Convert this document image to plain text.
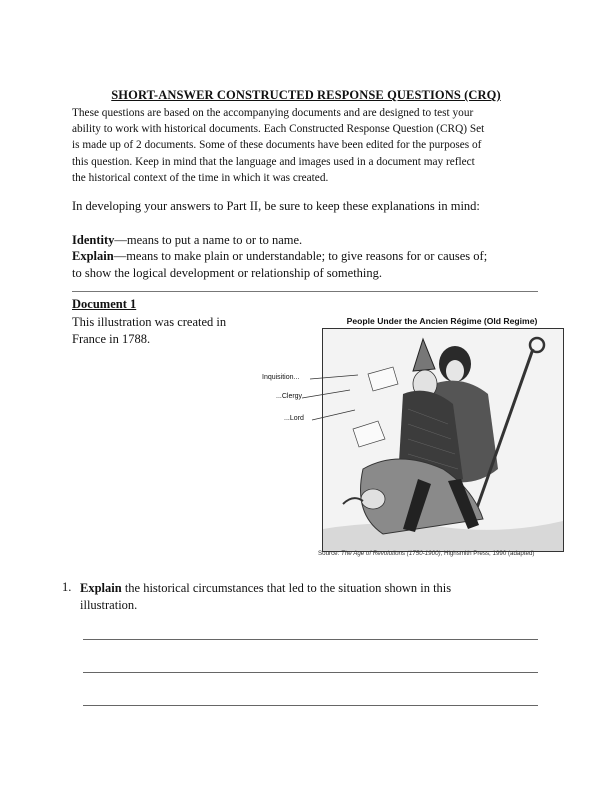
SHORT-ANSWER CONSTRUCTED RESPONSE QUESTIONS (CRQ)
These questions are based on the accompanying documents and are designed to test your
ability to work with historical documents. Each Constructed Response Question (CRQ) Set
is made up of 2 documents. Some of these documents have been edited for the purposes of
this question. Keep in mind that the language and images used in a document may reflect
the historical context of the time in which it was created.
In developing your answers to Part II, be sure to keep these explanations in mind:
Identity—means to put a name to or to name.
Explain—means to make plain or understandable; to give reasons for or causes of;
to show the logical development or relationship of something.
Document 1
This illustration was created in
France in 1788.
People Under the Ancien Régime (Old Regime)
Inquisition...
...Clergy
...Lord
Source: The Age of Revolutions (1750-1900), Highsmith Press, 1990 (adapted)
1. Explain the historical circumstances that led to the situation shown in this
illustration.
